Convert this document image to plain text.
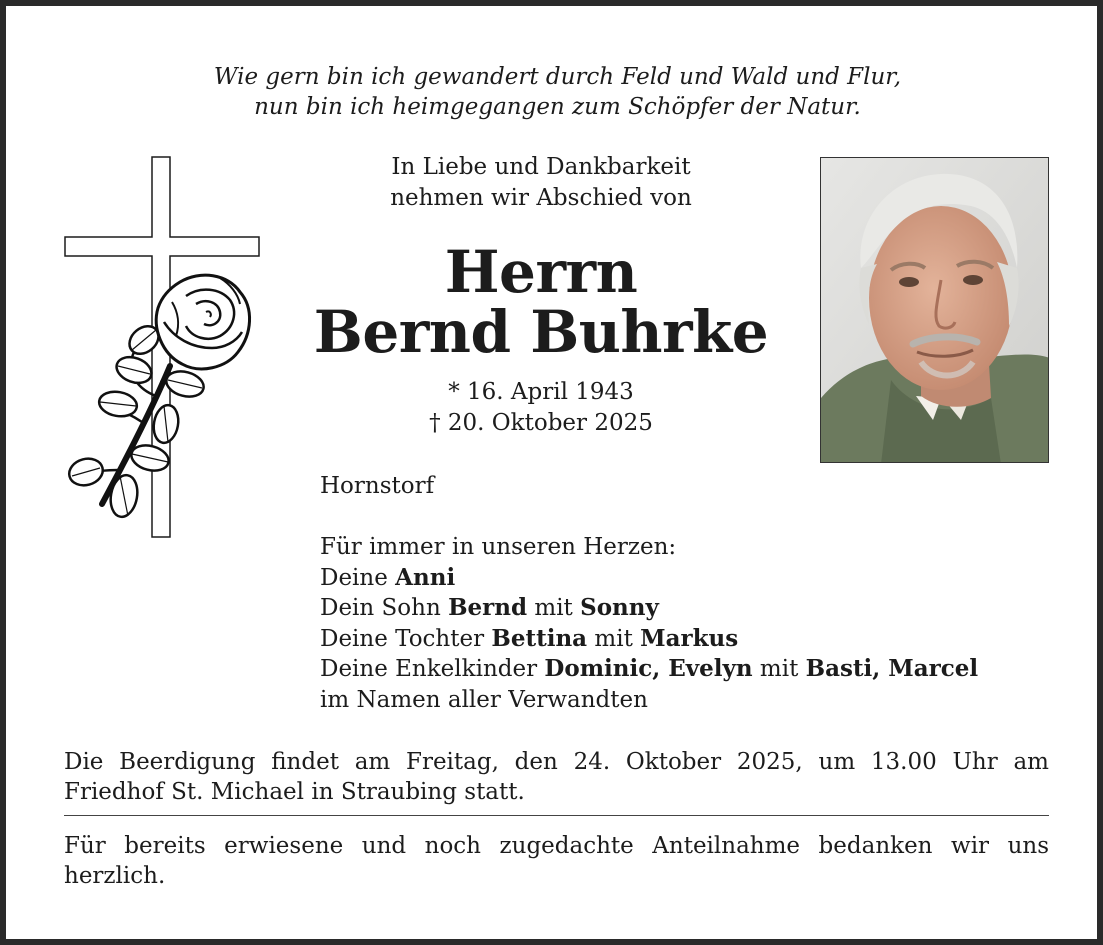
Wie gern bin ich gewandert durch Feld und Wald und Flur,
nun bin ich heimgegangen zum Schöpfer der Natur.
In Liebe und Dankbarkeit
nehmen wir Abschied von
Herrn
Bernd Buhrke
* 16. April 1943
† 20. Oktober 2025
Hornstorf
Für immer in unseren Herzen:
Deine Anni
Dein Sohn Bernd mit Sonny
Deine Tochter Bettina mit Markus
Deine Enkelkinder Dominic, Evelyn mit Basti, Marcel
im Namen aller Verwandten
Die Beerdigung findet am Freitag, den 24. Oktober 2025, um 13.00 Uhr am Friedhof St. Michael in Straubing statt.
Für bereits erwiesene und noch zugedachte Anteilnahme bedanken wir uns herzlich.
